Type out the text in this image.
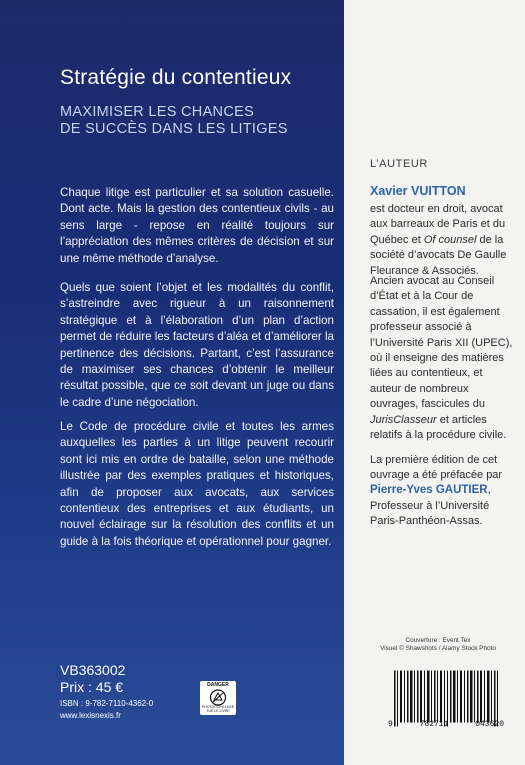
Stratégie du contentieux
MAXIMISER LES CHANCES
DE SUCCÈS DANS LES LITIGES

Chaque litige est particulier et sa solution casuelle. Dont acte. Mais la gestion des contentieux civils - au sens large - repose en réalité toujours sur l’appréciation des mêmes critères de décision et sur une même méthode d’analyse.

Quels que soient l’objet et les modalités du conflit, s’astreindre avec rigueur à un raisonnement stratégique et à l’élaboration d’un plan d’action permet de réduire les facteurs d’aléa et d’améliorer la pertinence des décisions. Partant, c’est l’assurance de maximiser ses chances d’obtenir le meilleur résultat possible, que ce soit devant un juge ou dans le cadre d’une négociation.

Le Code de procédure civile et toutes les armes auxquelles les parties à un litige peuvent recourir sont ici mis en ordre de bataille, selon une méthode illustrée par des exemples pratiques et historiques, afin de proposer aux avocats, aux services contentieux des entreprises et aux étudiants, un nouvel éclairage sur la résolution des conflits et un guide à la fois théorique et opérationnel pour gagner.

VB363002
Prix : 45 €
ISBN : 9-782-7110-4362-0
www.lexisnexis.fr
DANGER
PHOTOCOPILLAGE
TUE LE LIVRE
L’AUTEUR
Xavier VUITTON

est docteur en droit, avocat aux barreaux de Paris et du Québec et Of counsel de la société d’avocats De Gaulle Fleurance & Associés.

Ancien avocat au Conseil d’État et à la Cour de cassation, il est également professeur associé à l’Université Paris XII (UPEC), où il enseigne des matières liées au contentieux, et auteur de nombreux ouvrages, fascicules du JurisClasseur et articles relatifs à la procédure civile.

La première édition de cet ouvrage a été préfacée par
Pierre-Yves GAUTIER,
Professeur à l’Université Paris-Panthéon-Assas.

Couverture : Event Tex
Visuel © Shawshots / Alamy Stock Photo
9	782711	043620
